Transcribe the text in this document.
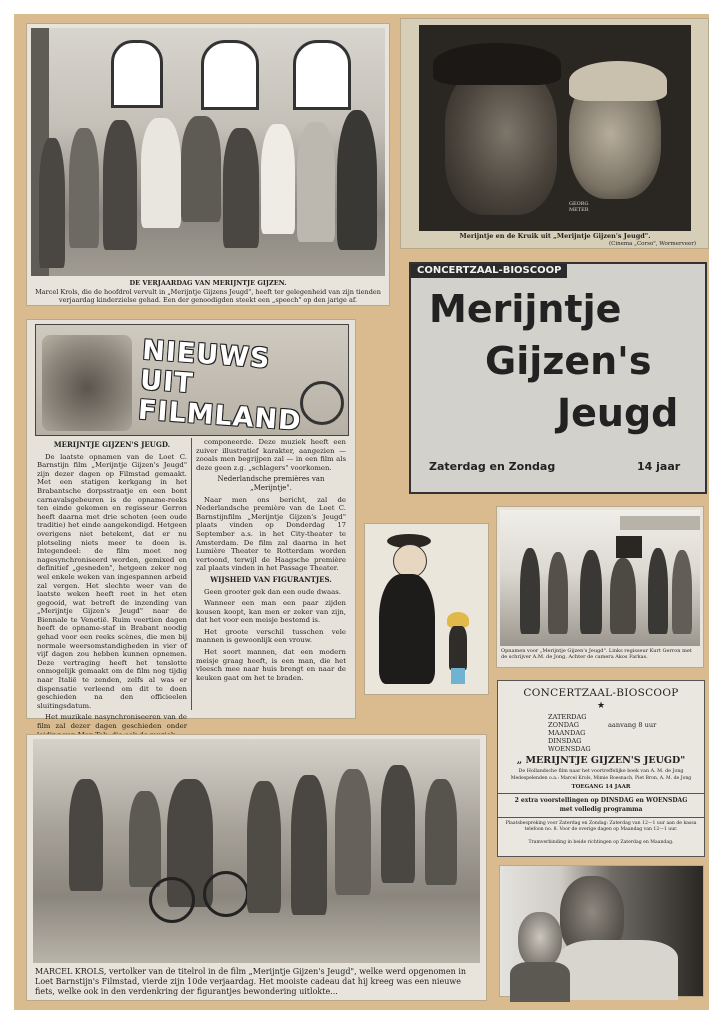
DE VERJAARDAG VAN MERIJNTJE GIJZEN.
Marcel Krols, die de hoofdrol vervult in „Merijntje Gijzens Jeugd", heeft ter gelegenheid van zijn tienden verjaardag kinderzielse gehad. Een der genoodigden steekt een „speech" op den jarige af.
GEORG METER
Merijntje en de Kruik uit „Merijntje Gijzen's Jeugd".
(Cinema „Corso", Wormerveer)
CONCERTZAAL-BIOSCOOP
Merijntje
Gijzen's
Jeugd
Zaterdag en Zondag	14 jaar
NIEUWS UIT FILMLAND
MERIJNTJE GIJZEN'S JEUGD.

De laatste opnamen van de Loet C. Barnstijn film „Merijntje Gijzen's Jeugd" zijn dezer dagen op Filmstad gemaakt. Met een statigen kerkgang in het Brabantsche dorpsstraatje en een bont carnavalsgebeuren is de opname-reeks ten einde gekomen en regisseur Gerron heeft daarna met drie schoten (een oude traditie) het einde aangekondigd. Hetgeen overigens niet betekent, dat er nu plotseling niets meer te doen is. Integendeel: de film moet nog nagesynchroniseerd worden, gemixed en definitief „gesneden", hetgeen zeker nog wel enkele weken van ingespannen arbeid zal vergen. Het slechte weer van de laatste weken heeft roet in het eten gegooid, wat betreft de inzending van „Merijntje Gijzen's Jeugd" naar de Biennale te Venetië. Ruim veertien dagen heeft de opname-staf in Brabant noodig gehad voor een reeks scènes, die men bij normale weersomstandigheden in vier of vijf dagen zou hebben kunnen opnemen. Deze vertraging heeft het tenslotte onmogelijk gemaakt om de film nog tijdig naar Italië te zenden, zelfs al was er dispensatie verleend om dit te doen geschieden na den officieelen sluitingsdatum.

Het muzikale nasynchroniseeren van de film zal dezer dagen geschieden onder

componeerde. Deze muziek heeft een zuiver illustratief karakter, aangezien — zooals men begrijpen zal — in een film als deze geen z.g. „schlagers" voorkomen.

Nederlandsche premières van „Merijntje".

Naar men ons bericht, zal de Nederlandsche première van de Loet C. Barnstijnfilm „Merijntje Gijzen's Jeugd" plaats vinden op Donderdag 17 September a.s. in het City-theater te Amsterdam. De film zal daarna in het Lumière Theater te Rotterdam worden vertoond, terwijl de Haagsche première zal plaats vinden in het Passage Theater.

WIJSHEID VAN FIGURANTJES.

Geen grooter gek dan een oude dwaas.

Wanneer een man een paar zijden kousen koopt, kan men er zeker van zijn, dat het voor een meisje bestemd is.

Het groote verschil tusschen vele mannen is gewoonlijk een vrouw.

Het soort mannen, dat een modern meisje graag heeft, is een man, die het vleesch mee naar huis brengt en naar de keuken gaat om het te braden.

Opnamen voor „Merijntje Gijzen's Jeugd". Links regisseur Kurt Gerron met de schrijver A.M. de Jong. Achter de camera Akos Farkas.
CONCERTZAAL-BIOSCOOP
★
ZATERDAG
ZONDAG
MAANDAG
DINSDAG
WOENSDAG
aanvang 8 uur
„ MERIJNTJE GIJZEN'S JEUGD"
De Hollandsche film naar het voortreffelijke boek van A. M. de Jong
Medespelenden o.a.: Marcel Krols, Mimie Boesnach, Piet Bron, A. M. de Jong
TOEGANG 14 JAAR
2 extra voorstellingen op DINSDAG en WOENSDAG
met volledig programma
Plaatsbespreking voor Zaterdag en Zondag: Zaterdag van 12—1 uur aan de kassa telefoon no. 8. Voor de overige dagen op Maandag van 12—1 uur.
Tramverbinding in beide richtingen op Zaterdag en Maandag.
MARCEL KROLS, vertolker van de titelrol in de film „Merijntje Gijzen's Jeugd", welke werd opgenomen in Loet Barnstijn's Filmstad, vierde zijn 10de verjaardag. Het mooiste cadeau dat hij kreeg was een nieuwe fiets, welke ook in den verdenkring der figurantjes bewondering uitlokte...
